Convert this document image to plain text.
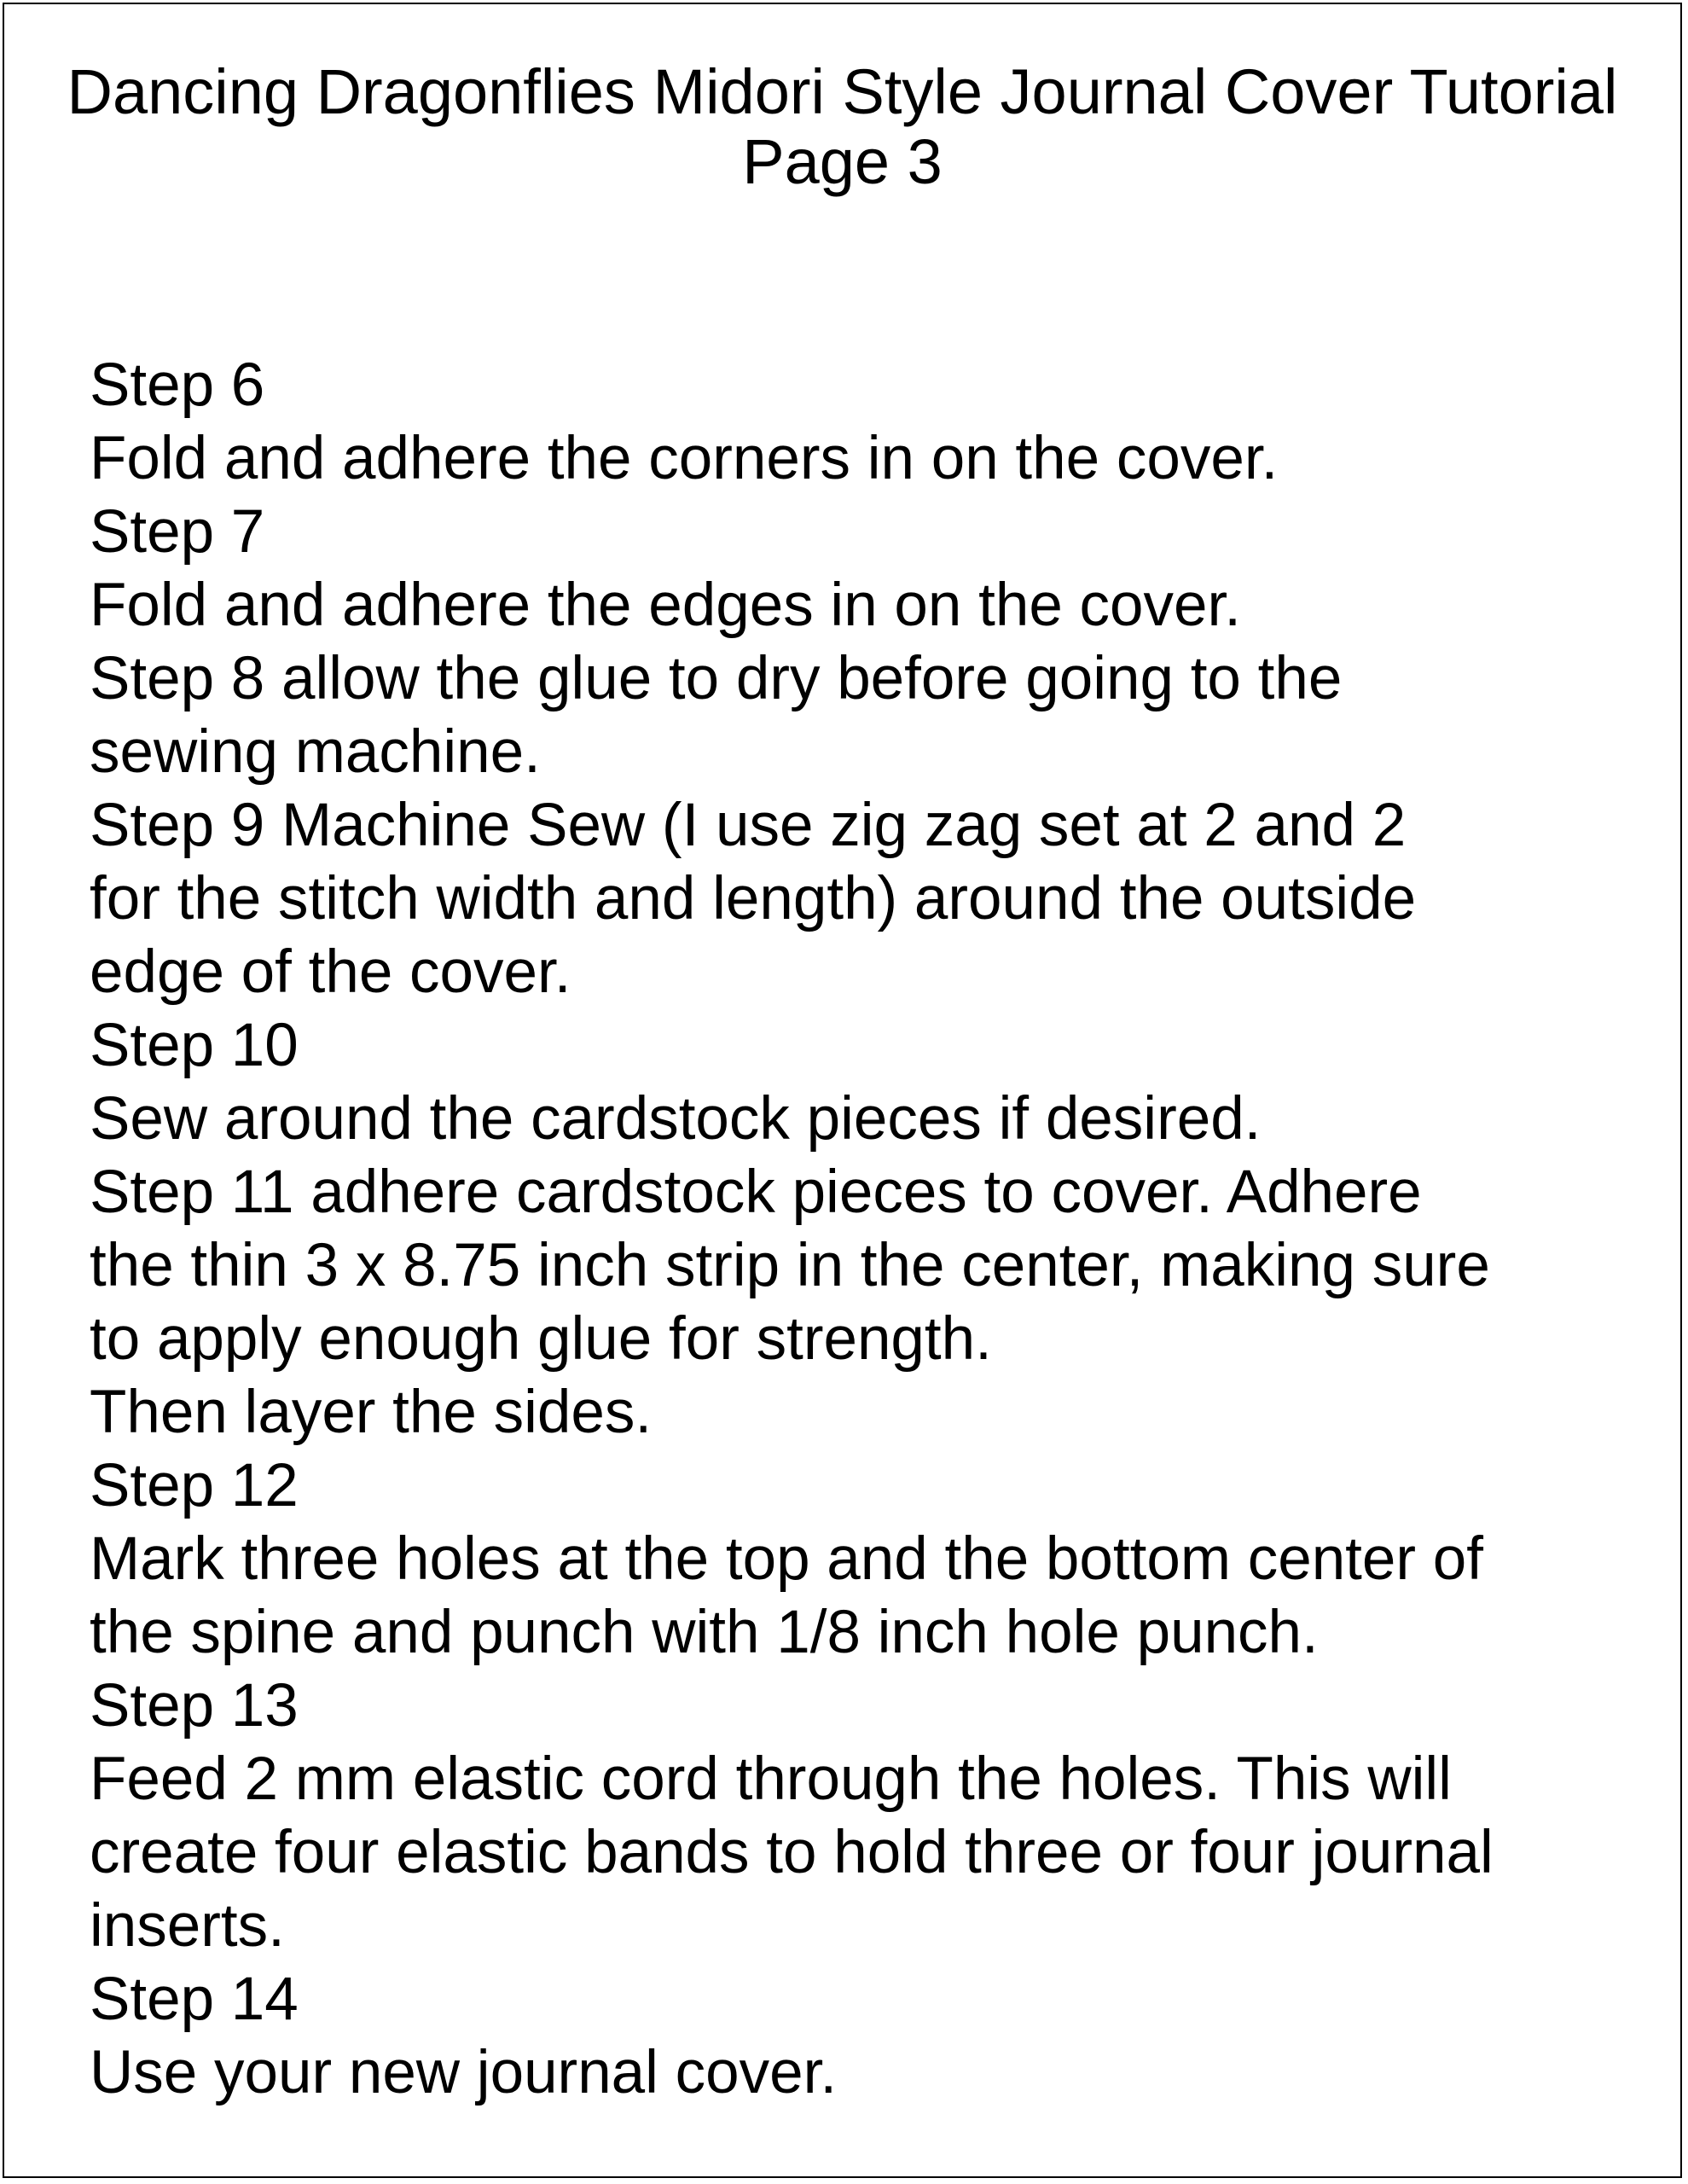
Dancing Dragonflies Midori Style Journal Cover Tutorial
Page 3
Step 6
Fold and adhere the corners in on the cover.
Step 7
Fold and adhere the edges in on the cover.
Step 8 allow the glue to dry before going to the
sewing machine.
Step 9 Machine Sew (I use zig zag set at 2 and 2
for the stitch width and length) around the outside
edge of the cover.
Step 10
Sew around the cardstock pieces if desired.
Step 11 adhere cardstock pieces to cover. Adhere
the thin 3 x 8.75 inch strip in the center, making sure
to apply enough glue for strength.
Then layer the sides.
Step 12
Mark three holes at the top and the bottom center of
the spine and punch with 1/8 inch hole punch.
Step 13
Feed 2 mm elastic cord through the holes. This will
create four elastic bands to hold three or four journal
inserts.
Step 14
Use your new journal cover.
